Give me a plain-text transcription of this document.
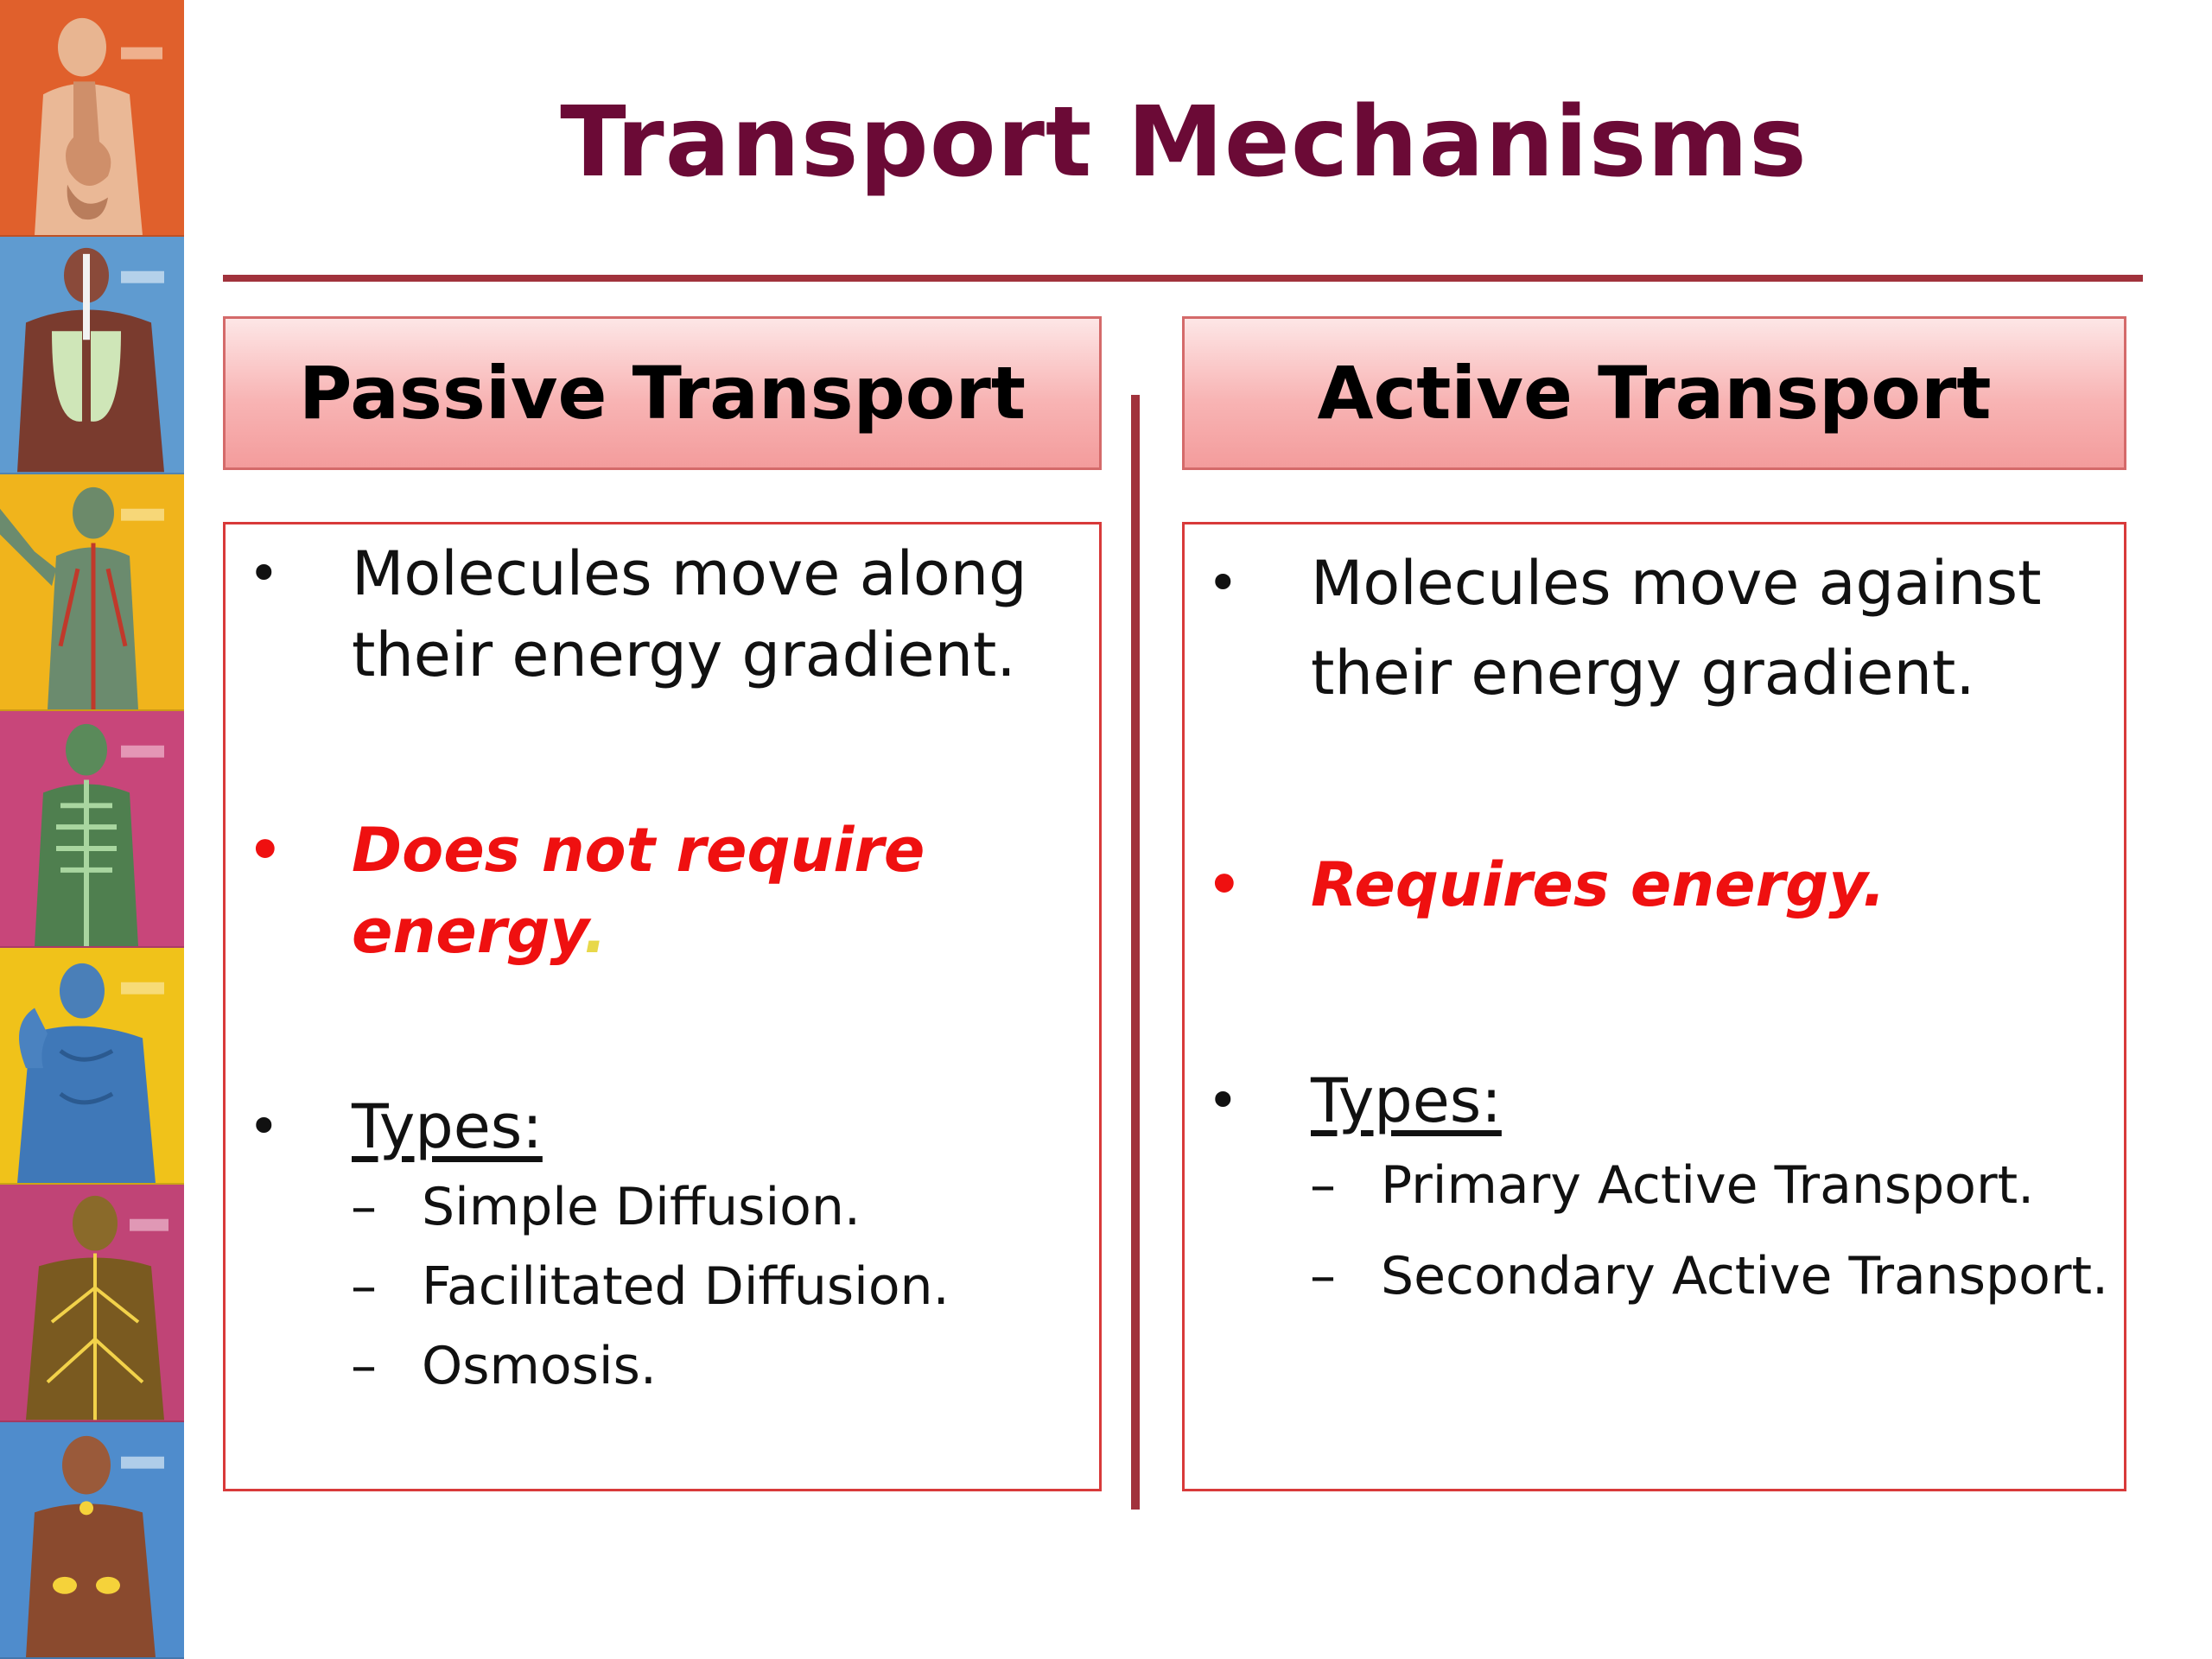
Transport Mechanisms
Passive Transport
• Molecules move along
their energy gradient.
• Does not require
energy.
• Types:
– Simple Diffusion.
– Facilitated Diffusion.
– Osmosis.
Active Transport
• Molecules move against
their energy gradient.
• Requires energy.
• Types:
– Primary Active Transport.
– Secondary Active Transport.
